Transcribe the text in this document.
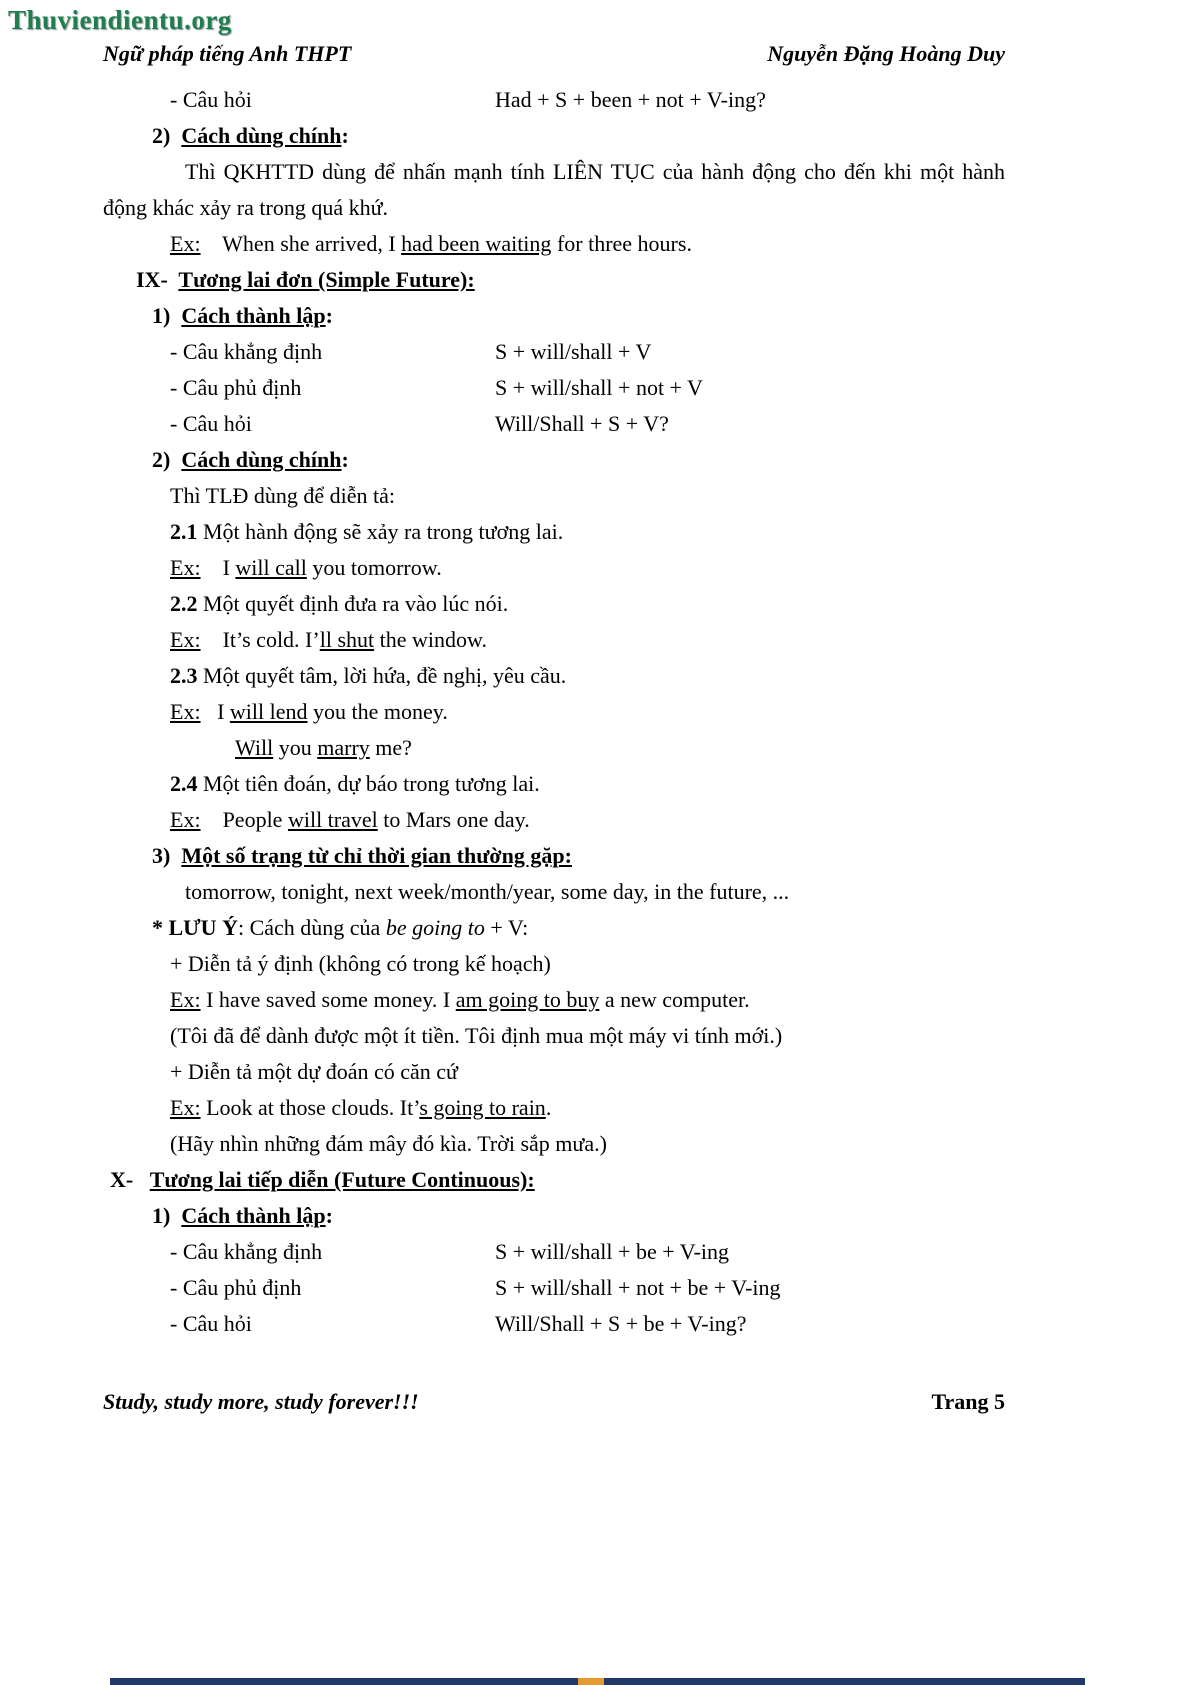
Thuviendientu.org
Ngữ pháp tiếng Anh THPT	Nguyễn Đặng Hoàng Duy
- Câu hỏi	Had + S + been + not + V-ing?
2)  Cách dùng chính:
Thì QKHTTD dùng để nhấn mạnh tính LIÊN TỤC của hành động cho đến khi một hành động khác xảy ra trong quá khứ.
Ex:    When she arrived, I had been waiting for three hours.
IX-  Tương lai đơn (Simple Future):
1)  Cách thành lập:
- Câu khẳng định	S + will/shall + V
- Câu phủ định	S + will/shall + not + V
- Câu hỏi	Will/Shall + S + V?
2)  Cách dùng chính:
Thì TLĐ dùng để diễn tả:
2.1 Một hành động sẽ xảy ra trong tương lai.
Ex:    I will call you tomorrow.
2.2 Một quyết định đưa ra vào lúc nói.
Ex:    It’s cold. I’ll shut the window.
2.3 Một quyết tâm, lời hứa, đề nghị, yêu cầu.
Ex:   I will lend you the money.
Will you marry me?
2.4 Một tiên đoán, dự báo trong tương lai.
Ex:    People will travel to Mars one day.
3)  Một số trạng từ chỉ thời gian thường gặp:
tomorrow, tonight, next week/month/year, some day, in the future, ...
* LƯU Ý: Cách dùng của be going to + V:
+ Diễn tả ý định (không có trong kế hoạch)
Ex: I have saved some money. I am going to buy a new computer.
(Tôi đã để dành được một ít tiền. Tôi định mua một máy vi tính mới.)
+ Diễn tả một dự đoán có căn cứ
Ex: Look at those clouds. It’s going to rain.
(Hãy nhìn những đám mây đó kìa. Trời sắp mưa.)
X- Tương lai tiếp diễn (Future Continuous):
1)  Cách thành lập:
- Câu khẳng định	S + will/shall + be + V-ing
- Câu phủ định	S + will/shall + not + be + V-ing
- Câu hỏi	Will/Shall + S + be + V-ing?
Study, study more, study forever!!!	Trang 5
